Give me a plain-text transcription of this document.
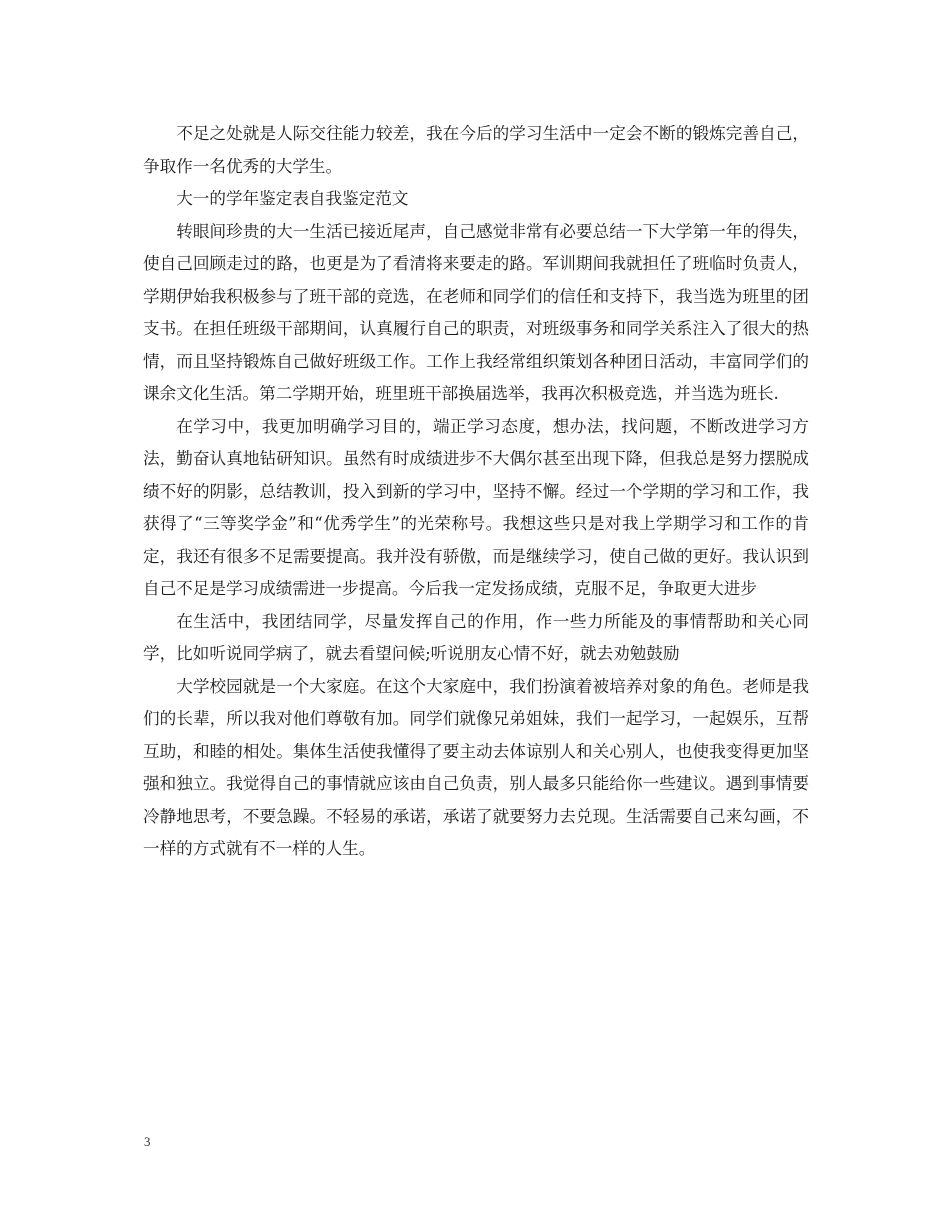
不足之处就是人际交往能力较差，我在今后的学习生活中一定会不断的锻炼完善自己，争取作一名优秀的大学生。

大一的学年鉴定表自我鉴定范文

转眼间珍贵的大一生活已接近尾声，自己感觉非常有必要总结一下大学第一年的得失，使自己回顾走过的路，也更是为了看清将来要走的路。军训期间我就担任了班临时负责人，学期伊始我积极参与了班干部的竞选，在老师和同学们的信任和支持下，我当选为班里的团支书。在担任班级干部期间，认真履行自己的职责，对班级事务和同学关系注入了很大的热情，而且坚持锻炼自己做好班级工作。工作上我经常组织策划各种团日活动，丰富同学们的课余文化生活。第二学期开始，班里班干部换届选举，我再次积极竞选，并当选为班长.

在学习中，我更加明确学习目的，端正学习态度，想办法，找问题，不断改进学习方法，勤奋认真地钻研知识。虽然有时成绩进步不大偶尔甚至出现下降，但我总是努力摆脱成绩不好的阴影，总结教训，投入到新的学习中，坚持不懈。经过一个学期的学习和工作，我获得了“三等奖学金”和“优秀学生”的光荣称号。我想这些只是对我上学期学习和工作的肯定，我还有很多不足需要提高。我并没有骄傲，而是继续学习，使自己做的更好。我认识到自己不足是学习成绩需进一步提高。今后我一定发扬成绩，克服不足，争取更大进步

在生活中，我团结同学，尽量发挥自己的作用，作一些力所能及的事情帮助和关心同学，比如听说同学病了，就去看望问候;听说朋友心情不好，就去劝勉鼓励

大学校园就是一个大家庭。在这个大家庭中，我们扮演着被培养对象的角色。老师是我们的长辈，所以我对他们尊敬有加。同学们就像兄弟姐妹，我们一起学习，一起娱乐，互帮互助，和睦的相处。集体生活使我懂得了要主动去体谅别人和关心别人，也使我变得更加坚强和独立。我觉得自己的事情就应该由自己负责，别人最多只能给你一些建议。遇到事情要冷静地思考，不要急躁。不轻易的承诺，承诺了就要努力去兑现。生活需要自己来勾画，不一样的方式就有不一样的人生。

3
